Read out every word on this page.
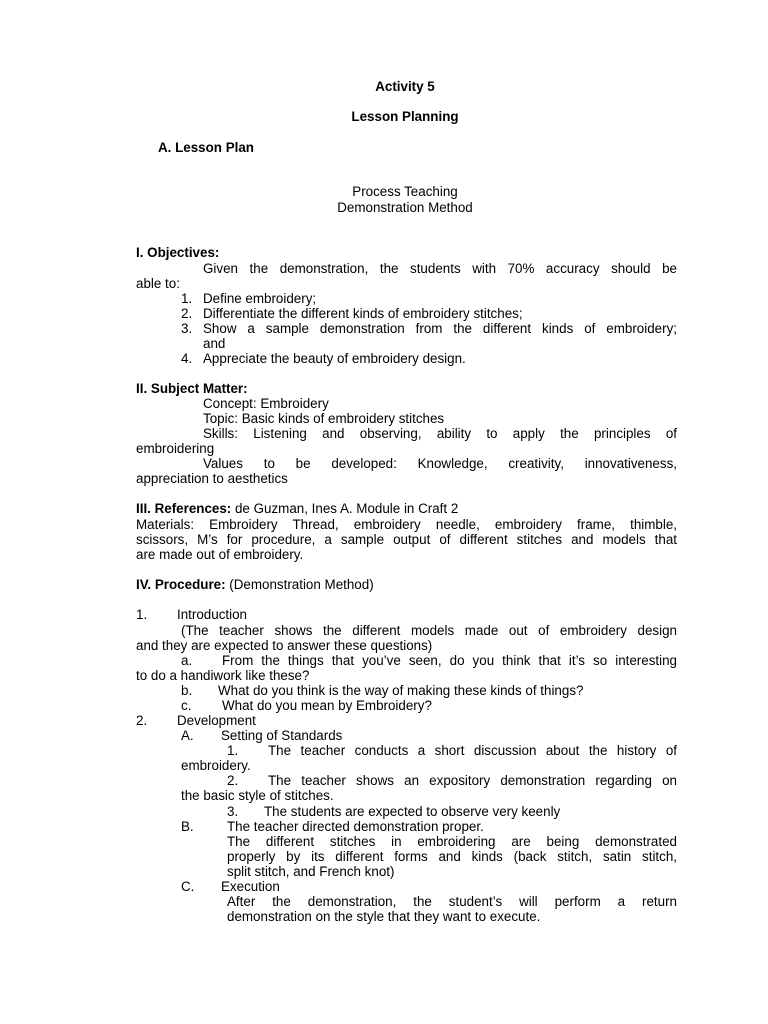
Activity 5
Lesson Planning
A. Lesson Plan
Process Teaching
Demonstration Method
I. Objectives:
Given the demonstration, the students with 70% accuracy should be
able to:
1. Define embroidery;
2. Differentiate the different kinds of embroidery stitches;
3. Show a sample demonstration from the different kinds of embroidery;
and
4. Appreciate the beauty of embroidery design.
II. Subject Matter:
Concept: Embroidery
Topic: Basic kinds of embroidery stitches
Skills: Listening and observing, ability to apply the principles of
embroidering
Values to be developed: Knowledge, creativity, innovativeness,
appreciation to aesthetics
III. References: de Guzman, Ines A. Module in Craft 2
Materials: Embroidery Thread, embroidery needle, embroidery frame, thimble,
scissors, M’s for procedure, a sample output of different stitches and models that
are made out of embroidery.
IV. Procedure: (Demonstration Method)
1. Introduction
(The teacher shows the different models made out of embroidery design
and they are expected to answer these questions)
a. From the things that you’ve seen, do you think that it’s so interesting
to do a handiwork like these?
b. What do you think is the way of making these kinds of things?
c. What do you mean by Embroidery?
2. Development
A. Setting of Standards
1. The teacher conducts a short discussion about the history of
embroidery.
2. The teacher shows an expository demonstration regarding on
the basic style of stitches.
3. The students are expected to observe very keenly
B. The teacher directed demonstration proper.
The different stitches in embroidering are being demonstrated
properly by its different forms and kinds (back stitch, satin stitch,
split stitch, and French knot)
C. Execution
After the demonstration, the student’s will perform a return
demonstration on the style that they want to execute.
